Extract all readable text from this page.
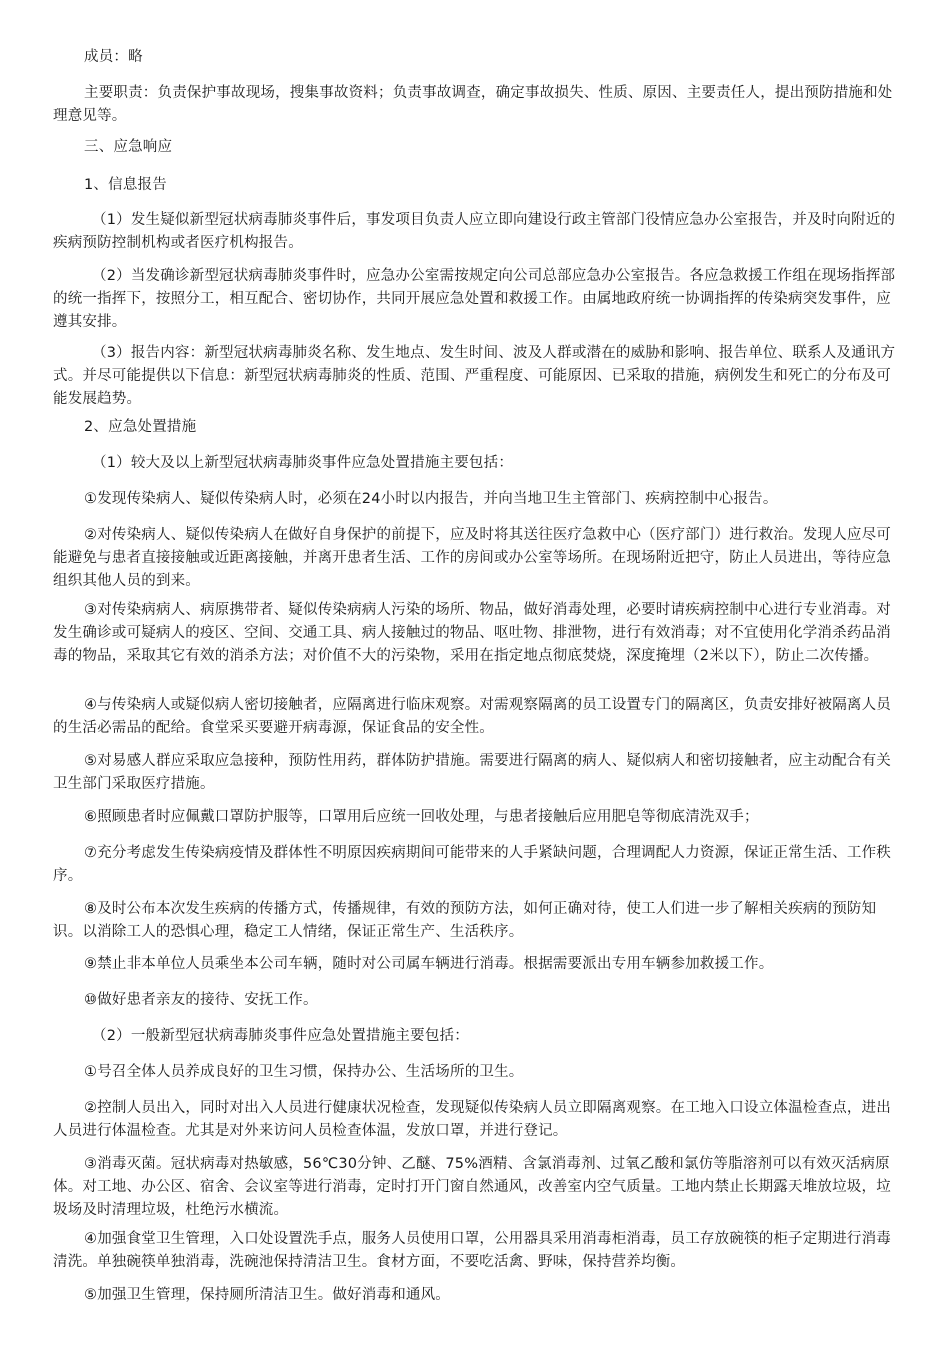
成员：略

主要职责：负责保护事故现场，搜集事故资料；负责事故调查，确定事故损失、性质、原因、主要责任人，提出预防措施和处理意见等。

三、应急响应

1、信息报告

（1）发生疑似新型冠状病毒肺炎事件后，事发项目负责人应立即向建设行政主管部门役情应急办公室报告，并及时向附近的疾病预防控制机构或者医疗机构报告。

（2）当发确诊新型冠状病毒肺炎事件时，应急办公室需按规定向公司总部应急办公室报告。各应急救援工作组在现场指挥部的统一指挥下，按照分工，相互配合、密切协作，共同开展应急处置和救援工作。由属地政府统一协调指挥的传染病突发事件，应遵其安排。

（3）报告内容：新型冠状病毒肺炎名称、发生地点、发生时间、波及人群或潜在的威胁和影响、报告单位、联系人及通讯方式。并尽可能提供以下信息：新型冠状病毒肺炎的性质、范围、严重程度、可能原因、已采取的措施，病例发生和死亡的分布及可能发展趋势。

2、应急处置措施

（1）较大及以上新型冠状病毒肺炎事件应急处置措施主要包括：

①发现传染病人、疑似传染病人时，必须在24小时以内报告，并向当地卫生主管部门、疾病控制中心报告。

②对传染病人、疑似传染病人在做好自身保护的前提下，应及时将其送往医疗急救中心（医疗部门）进行救治。发现人应尽可能避免与患者直接接触或近距离接触，并离开患者生活、工作的房间或办公室等场所。在现场附近把守，防止人员进出，等待应急组织其他人员的到来。

③对传染病病人、病原携带者、疑似传染病病人污染的场所、物品，做好消毒处理，必要时请疾病控制中心进行专业消毒。对发生确诊或可疑病人的疫区、空间、交通工具、病人接触过的物品、呕吐物、排泄物，进行有效消毒；对不宜使用化学消杀药品消毒的物品，采取其它有效的消杀方法；对价值不大的污染物，采用在指定地点彻底焚烧，深度掩埋（2米以下），防止二次传播。

④与传染病人或疑似病人密切接触者，应隔离进行临床观察。对需观察隔离的员工设置专门的隔离区，负责安排好被隔离人员的生活必需品的配给。食堂采买要避开病毒源，保证食品的安全性。

⑤对易感人群应采取应急接种，预防性用药，群体防护措施。需要进行隔离的病人、疑似病人和密切接触者，应主动配合有关卫生部门采取医疗措施。

⑥照顾患者时应佩戴口罩防护服等，口罩用后应统一回收处理，与患者接触后应用肥皂等彻底清洗双手；

⑦充分考虑发生传染病疫情及群体性不明原因疾病期间可能带来的人手紧缺问题，合理调配人力资源，保证正常生活、工作秩序。

⑧及时公布本次发生疾病的传播方式，传播规律，有效的预防方法，如何正确对待，使工人们进一步了解相关疾病的预防知识。以消除工人的恐惧心理，稳定工人情绪，保证正常生产、生活秩序。

⑨禁止非本单位人员乘坐本公司车辆，随时对公司属车辆进行消毒。根据需要派出专用车辆参加救援工作。

⑩做好患者亲友的接待、安抚工作。

（2）一般新型冠状病毒肺炎事件应急处置措施主要包括：

①号召全体人员养成良好的卫生习惯，保持办公、生活场所的卫生。

②控制人员出入，同时对出入人员进行健康状况检查，发现疑似传染病人员立即隔离观察。在工地入口设立体温检查点，进出人员进行体温检查。尤其是对外来访问人员检查体温，发放口罩，并进行登记。

③消毒灭菌。冠状病毒对热敏感，56℃30分钟、乙醚、75%酒精、含氯消毒剂、过氧乙酸和氯仿等脂溶剂可以有效灭活病原体。对工地、办公区、宿舍、会议室等进行消毒，定时打开门窗自然通风，改善室内空气质量。工地内禁止长期露天堆放垃圾，垃圾场及时清理垃圾，杜绝污水横流。

④加强食堂卫生管理，入口处设置洗手点，服务人员使用口罩，公用器具采用消毒柜消毒，员工存放碗筷的柜子定期进行消毒清洗。单独碗筷单独消毒，洗碗池保持清洁卫生。食材方面，不要吃活禽、野味，保持营养均衡。

⑤加强卫生管理，保持厕所清洁卫生。做好消毒和通风。
